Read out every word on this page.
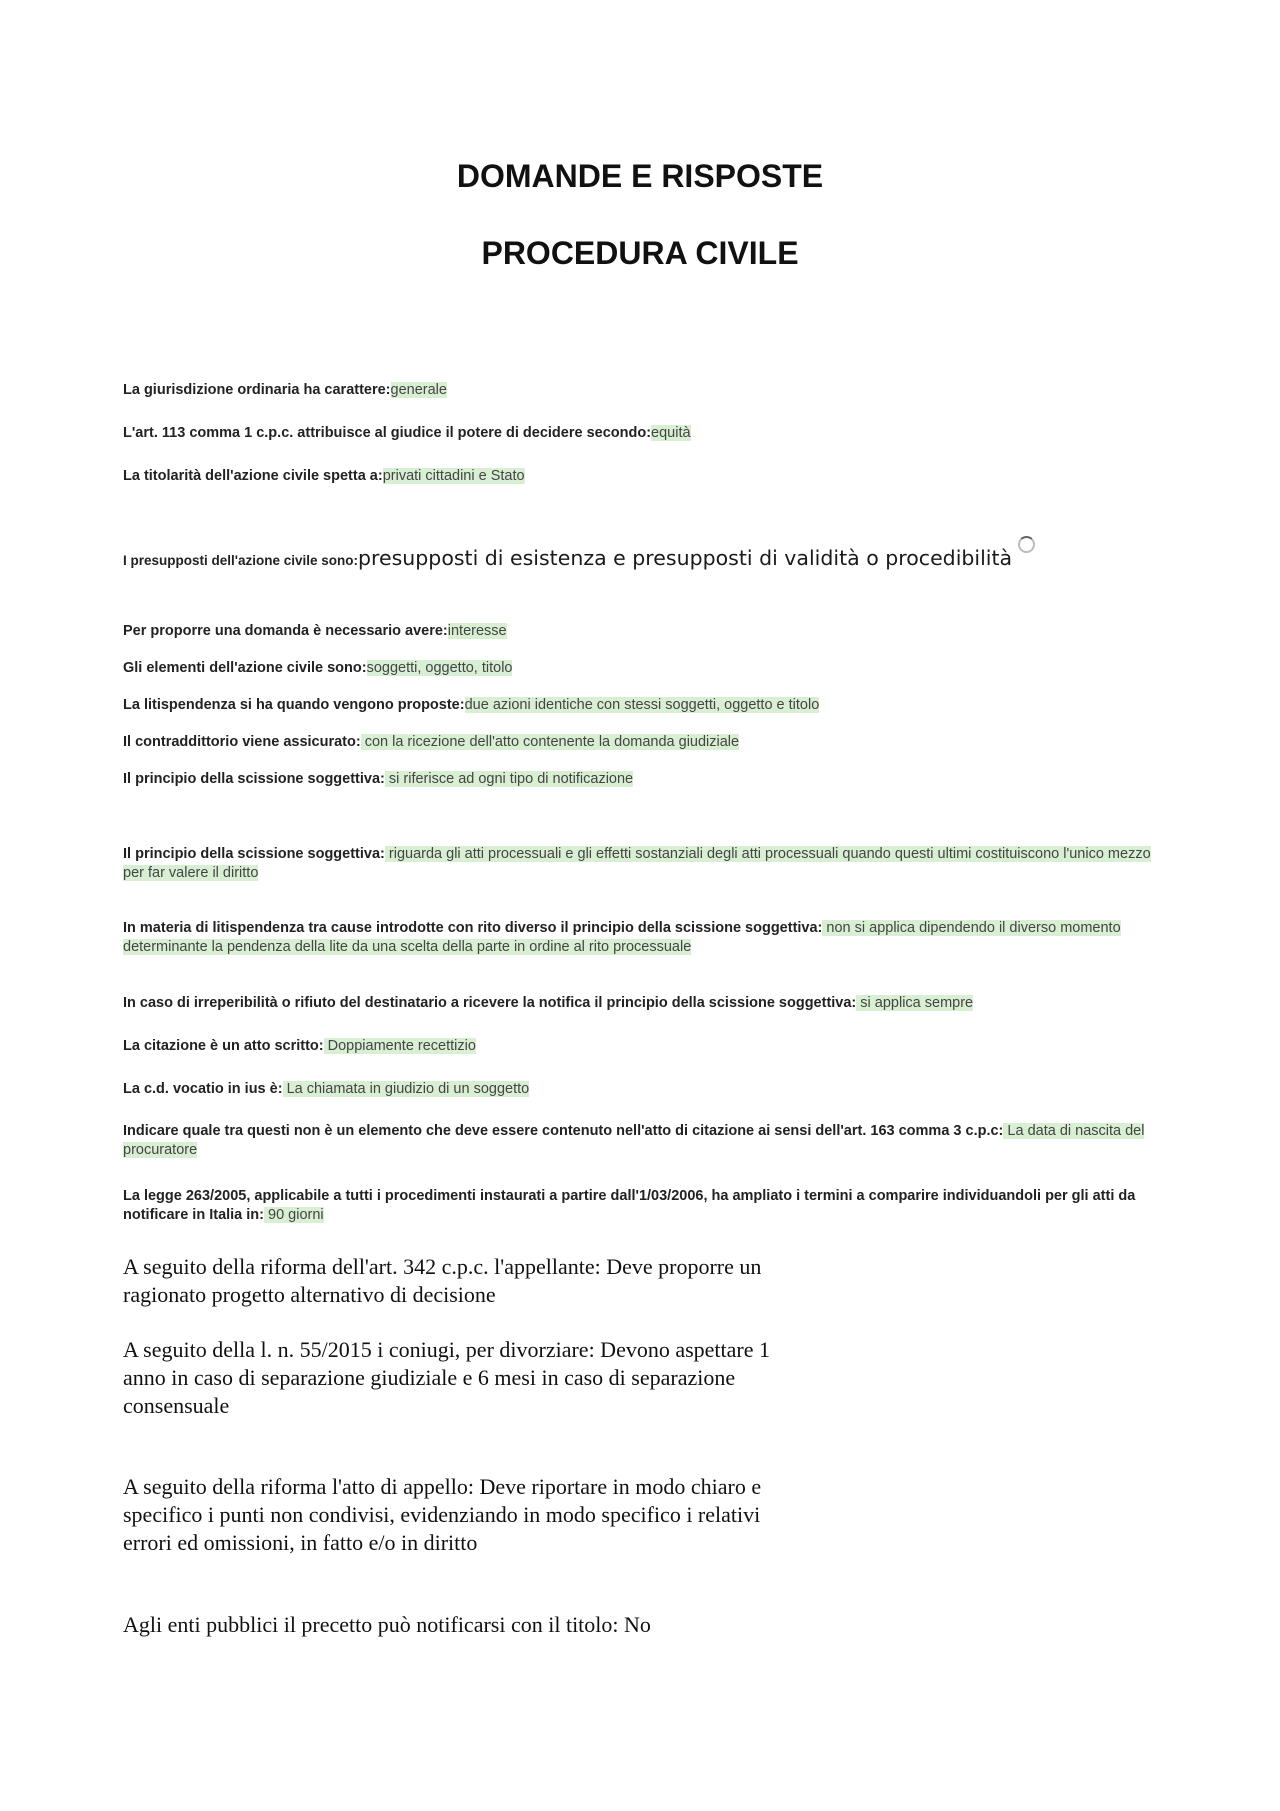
DOMANDE E RISPOSTE
PROCEDURA CIVILE
La giurisdizione ordinaria ha carattere:generale
L'art. 113 comma 1 c.p.c. attribuisce al giudice il potere di decidere secondo:equità
La titolarità dell'azione civile spetta a:privati cittadini e Stato
I presupposti dell'azione civile sono:presupposti di esistenza e presupposti di validità o procedibilità
Per proporre una domanda è necessario avere:interesse
Gli elementi dell'azione civile sono:soggetti, oggetto, titolo
La litispendenza si ha quando vengono proposte:due azioni identiche con stessi soggetti, oggetto e titolo
Il contraddittorio viene assicurato: con la ricezione dell'atto contenente la domanda giudiziale
Il principio della scissione soggettiva: si riferisce ad ogni tipo di notificazione
Il principio della scissione soggettiva: riguarda gli atti processuali e gli effetti sostanziali degli atti processuali quando questi ultimi costituiscono l'unico mezzo per far valere il diritto
In materia di litispendenza tra cause introdotte con rito diverso il principio della scissione soggettiva: non si applica dipendendo il diverso momento determinante la pendenza della lite da una scelta della parte in ordine al rito processuale
In caso di irreperibilità o rifiuto del destinatario a ricevere la notifica il principio della scissione soggettiva: si applica sempre
La citazione è un atto scritto: Doppiamente recettizio
La c.d. vocatio in ius è: La chiamata in giudizio di un soggetto
Indicare quale tra questi non è un elemento che deve essere contenuto nell'atto di citazione ai sensi dell'art. 163 comma 3 c.p.c: La data di nascita del procuratore
La legge 263/2005, applicabile a tutti i procedimenti instaurati a partire dall'1/03/2006, ha ampliato i termini a comparire individuandoli per gli atti da notificare in Italia in: 90 giorni
A seguito della riforma dell'art. 342 c.p.c. l'appellante: Deve proporre un ragionato progetto alternativo di decisione
A seguito della l. n. 55/2015 i coniugi, per divorziare: Devono aspettare 1 anno in caso di separazione giudiziale e 6 mesi in caso di separazione consensuale
A seguito della riforma l'atto di appello: Deve riportare in modo chiaro e specifico i punti non condivisi, evidenziando in modo specifico i relativi errori ed omissioni, in fatto e/o in diritto
Agli enti pubblici il precetto può notificarsi con il titolo: No
